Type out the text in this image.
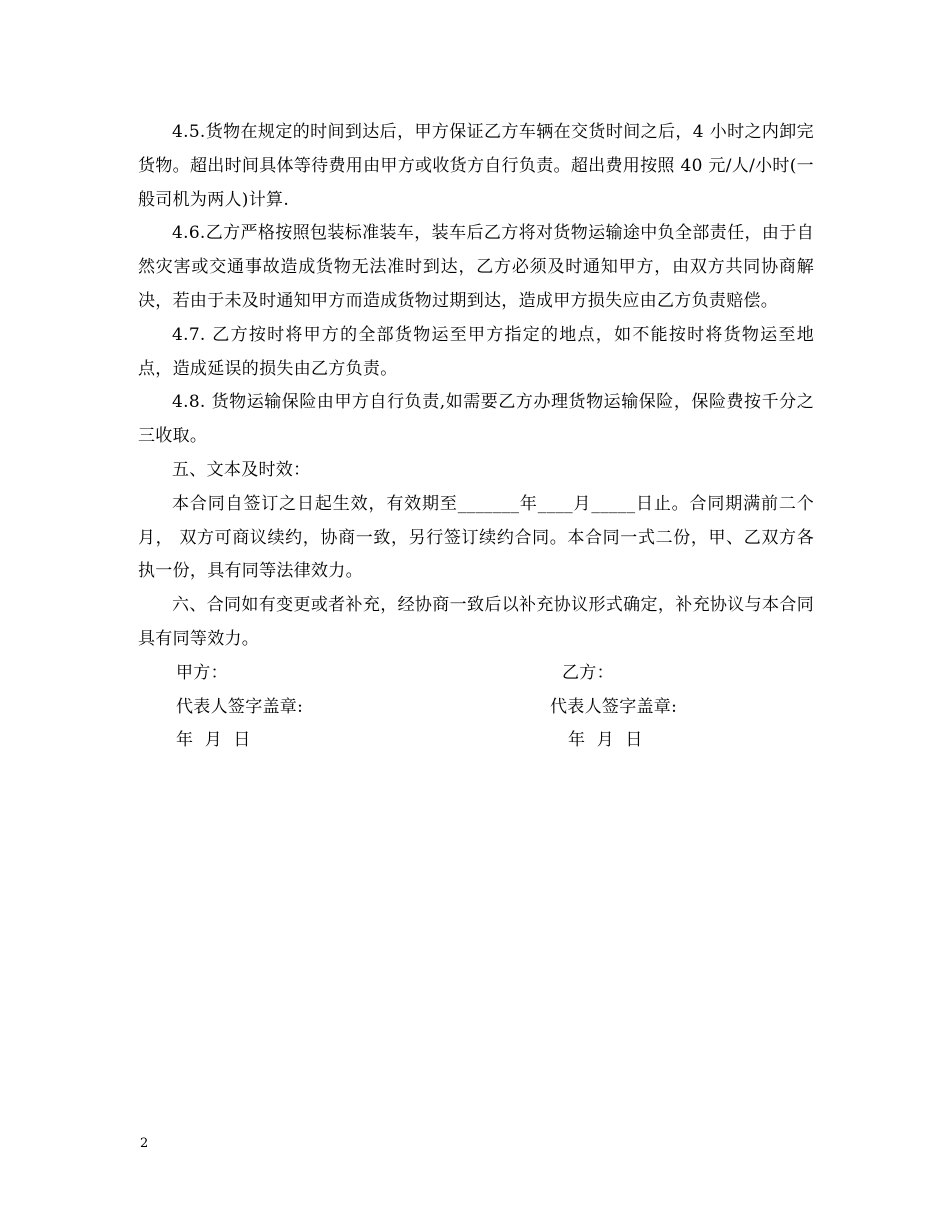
4.5.货物在规定的时间到达后，甲方保证乙方车辆在交货时间之后，4 小时之内卸完货物。超出时间具体等待费用由甲方或收货方自行负责。超出费用按照 40 元/人/小时(一般司机为两人)计算.

4.6.乙方严格按照包装标准装车，装车后乙方将对货物运输途中负全部责任，由于自然灾害或交通事故造成货物无法准时到达，乙方必须及时通知甲方，由双方共同协商解决，若由于未及时通知甲方而造成货物过期到达，造成甲方损失应由乙方负责赔偿。

4.7. 乙方按时将甲方的全部货物运至甲方指定的地点，如不能按时将货物运至地点，造成延误的损失由乙方负责。

4.8. 货物运输保险由甲方自行负责,如需要乙方办理货物运输保险，保险费按千分之三收取。

五、文本及时效：

本合同自签订之日起生效，有效期至_______年____月_____日止。合同期满前二个月， 双方可商议续约，协商一致，另行签订续约合同。本合同一式二份，甲、乙双方各执一份，具有同等法律效力。

六、合同如有变更或者补充，经协商一致后以补充协议形式确定，补充协议与本合同具有同等效力。

甲方：	乙方：
代表人签字盖章:	代表人签字盖章:
年  月  日	年  月  日
2
